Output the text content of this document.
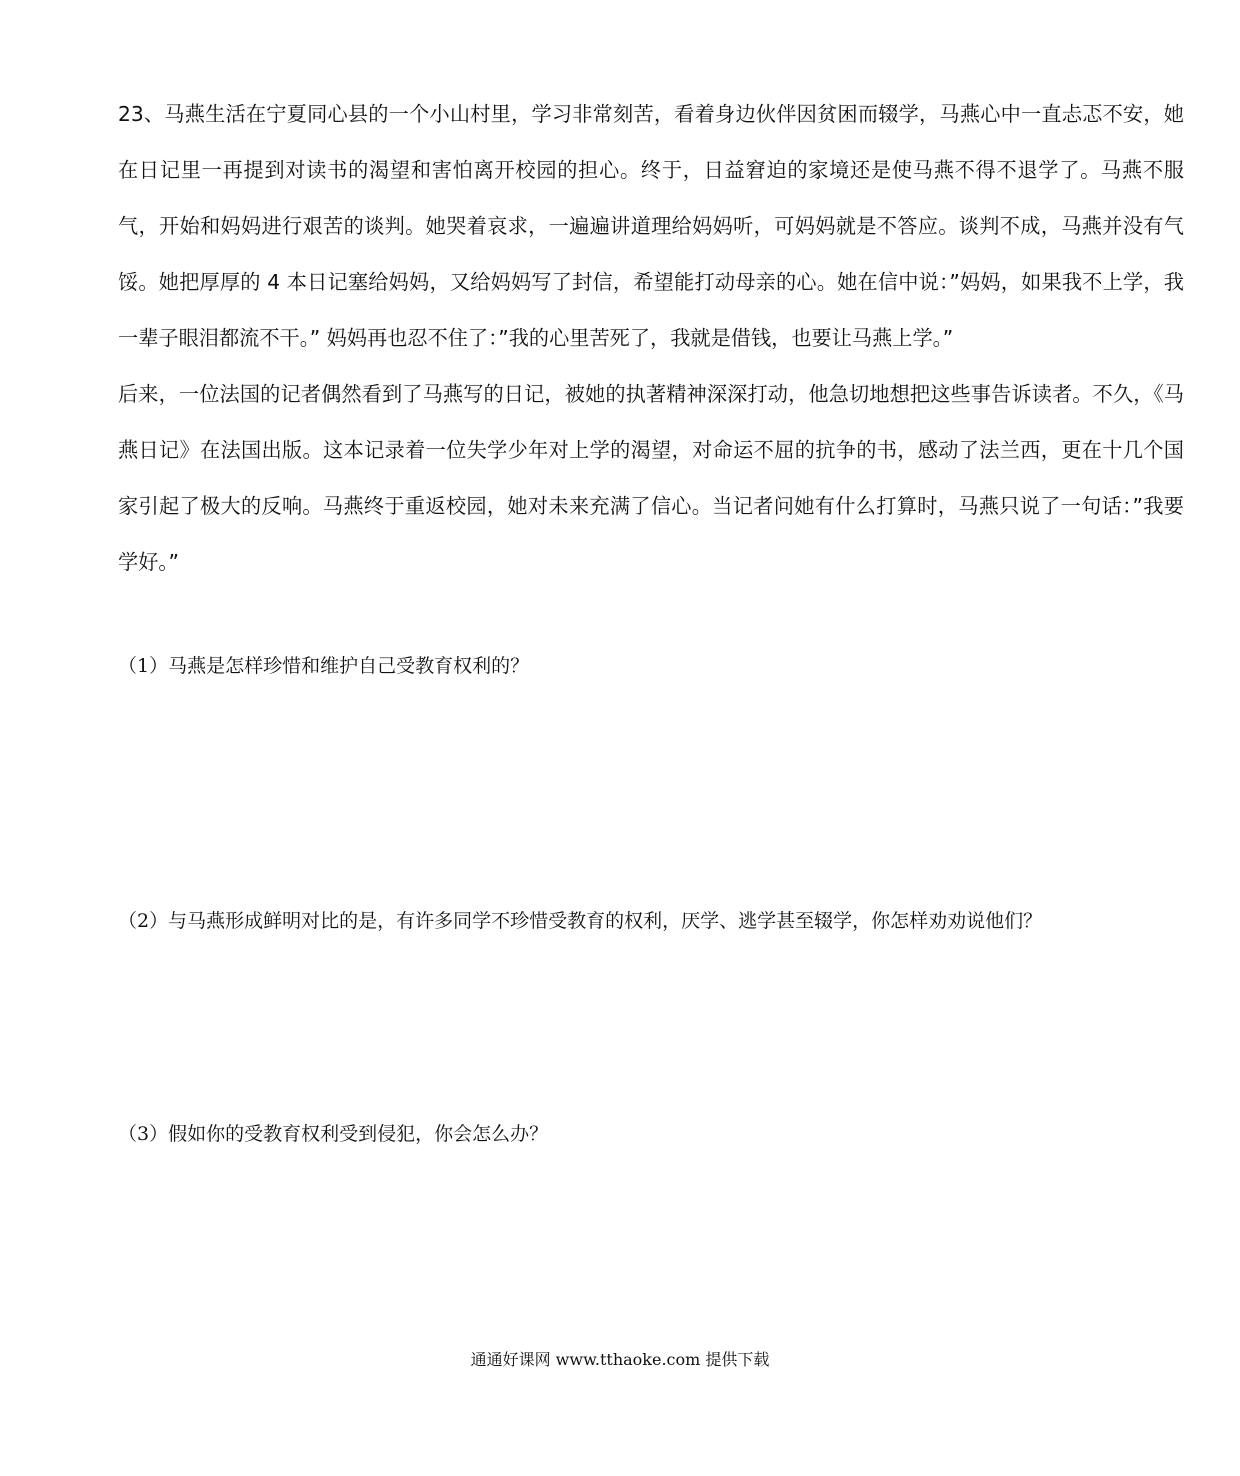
23、马燕生活在宁夏同心县的一个小山村里，学习非常刻苦，看着身边伙伴因贫困而辍学，马燕心中一直忐忑不安，她在日记里一再提到对读书的渴望和害怕离开校园的担心。终于，日益窘迫的家境还是使马燕不得不退学了。马燕不服气，开始和妈妈进行艰苦的谈判。她哭着哀求，一遍遍讲道理给妈妈听，可妈妈就是不答应。谈判不成，马燕并没有气馁。她把厚厚的 4 本日记塞给妈妈，又给妈妈写了封信，希望能打动母亲的心。她在信中说：”妈妈，如果我不上学，我一辈子眼泪都流不干。” 妈妈再也忍不住了：”我的心里苦死了，我就是借钱，也要让马燕上学。”

后来，一位法国的记者偶然看到了马燕写的日记，被她的执著精神深深打动，他急切地想把这些事告诉读者。不久，《马燕日记》在法国出版。这本记录着一位失学少年对上学的渴望，对命运不屈的抗争的书，感动了法兰西，更在十几个国家引起了极大的反响。马燕终于重返校园，她对未来充满了信心。当记者问她有什么打算时，马燕只说了一句话：”我要学好。”

（1）马燕是怎样珍惜和维护自己受教育权利的？
（2）与马燕形成鲜明对比的是，有许多同学不珍惜受教育的权利，厌学、逃学甚至辍学，你怎样劝劝说他们？
（3）假如你的受教育权利受到侵犯，你会怎么办？
通通好课网 www.tthaoke.com 提供下载
